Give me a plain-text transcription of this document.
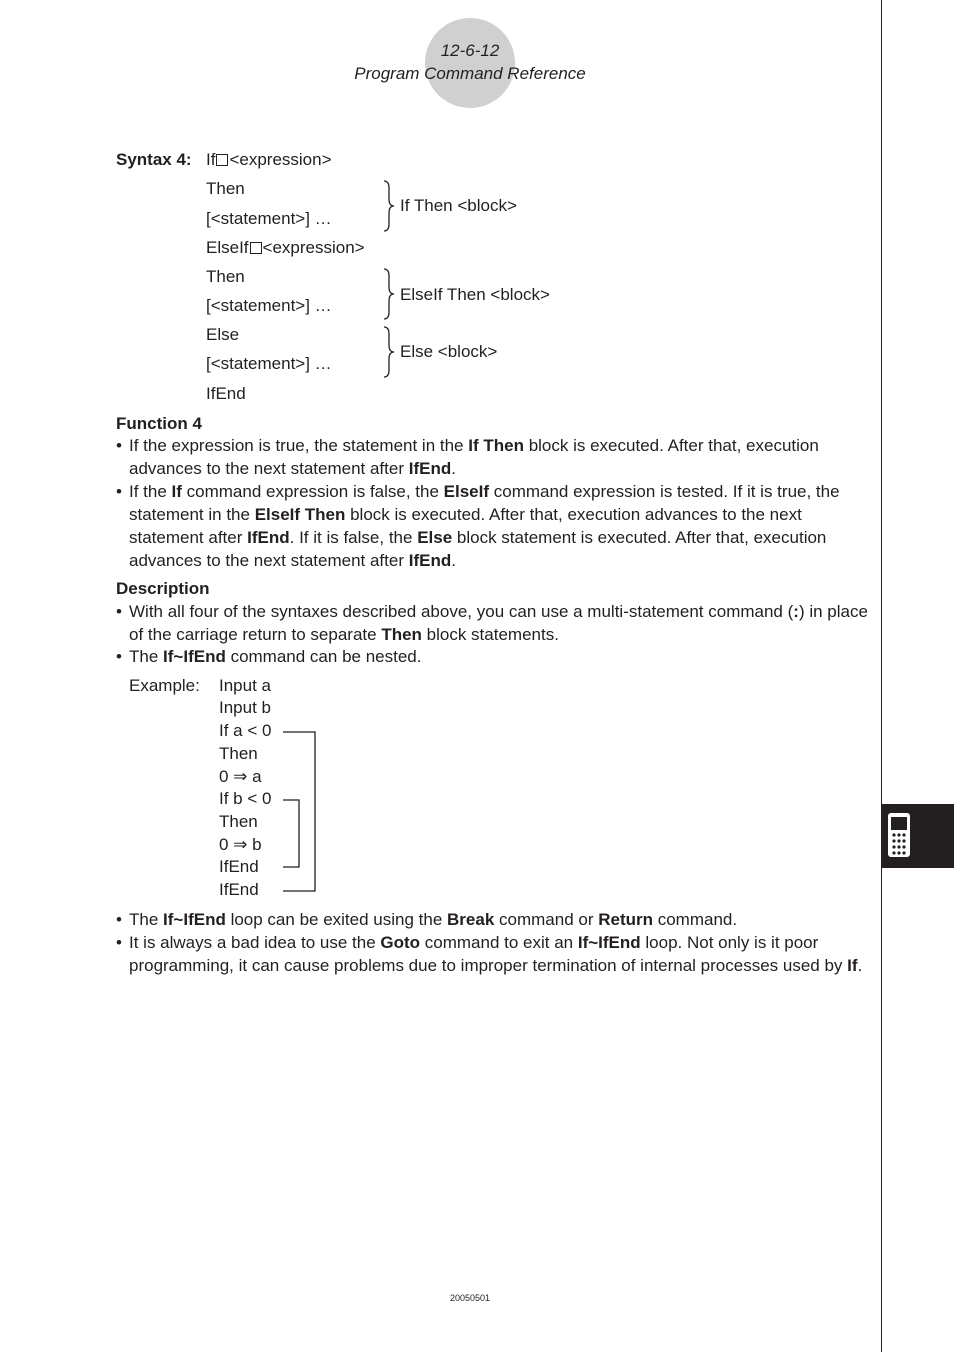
12-6-12
Program Command Reference
Syntax 4: If <expression>
Then
[<statement>] …
ElseIf <expression>
Then
[<statement>] …
Else
[<statement>] …
IfEnd
If Then <block>
ElseIf Then <block>
Else <block>
Function 4
• If the expression is true, the statement in the If Then block is executed. After that, execution advances to the next statement after IfEnd.
• If the If command expression is false, the ElseIf command expression is tested. If it is true, the statement in the ElseIf Then block is executed. After that, execution advances to the next statement after IfEnd. If it is false, the Else block statement is executed. After that, execution advances to the next statement after IfEnd.
Description
• With all four of the syntaxes described above, you can use a multi-statement command (:) in place of the carriage return to separate Then block statements.
• The If~IfEnd command can be nested.
Example: Input a
Input b
If a < 0
Then
0 ⇒ a
If b < 0
Then
0 ⇒ b
IfEnd
IfEnd
• The If~IfEnd loop can be exited using the Break command or Return command.
• It is always a bad idea to use the Goto command to exit an If~IfEnd loop. Not only is it poor programming, it can cause problems due to improper termination of internal processes used by If.
20050501
